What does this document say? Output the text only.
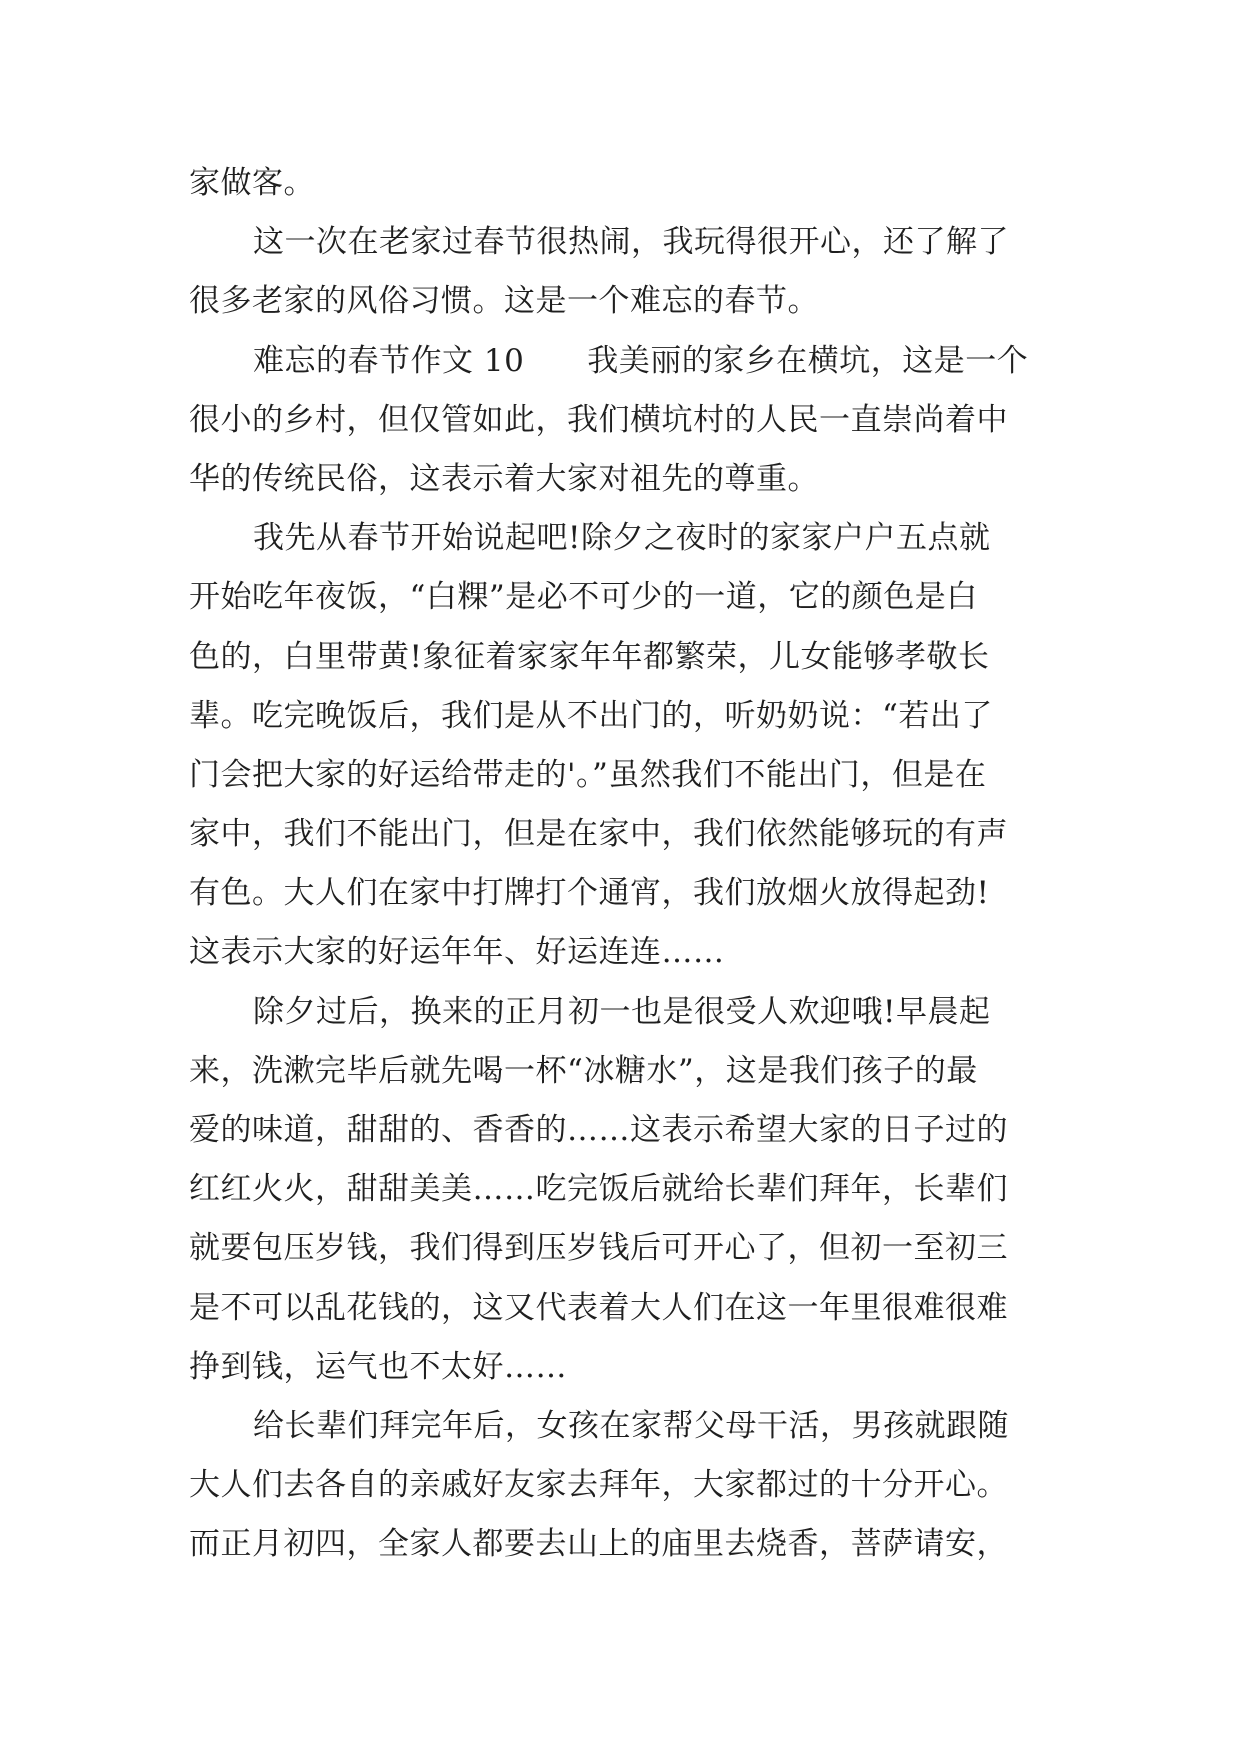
家做客。
这一次在老家过春节很热闹，我玩得很开心，还了解了
很多老家的风俗习惯。这是一个难忘的春节。
难忘的春节作文 10　　我美丽的家乡在横坑，这是一个
很小的乡村，但仅管如此，我们横坑村的人民一直崇尚着中
华的传统民俗，这表示着大家对祖先的尊重。
我先从春节开始说起吧!除夕之夜时的家家户户五点就
开始吃年夜饭，“白粿”是必不可少的一道，它的颜色是白
色的，白里带黄!象征着家家年年都繁荣，儿女能够孝敬长
辈。吃完晚饭后，我们是从不出门的，听奶奶说：“若出了
门会把大家的好运给带走的'。”虽然我们不能出门，但是在
家中，我们不能出门，但是在家中，我们依然能够玩的有声
有色。大人们在家中打牌打个通宵，我们放烟火放得起劲!
这表示大家的好运年年、好运连连……
除夕过后，换来的正月初一也是很受人欢迎哦!早晨起
来，洗漱完毕后就先喝一杯“冰糖水”，这是我们孩子的最
爱的味道，甜甜的、香香的……这表示希望大家的日子过的
红红火火，甜甜美美……吃完饭后就给长辈们拜年，长辈们
就要包压岁钱，我们得到压岁钱后可开心了，但初一至初三
是不可以乱花钱的，这又代表着大人们在这一年里很难很难
挣到钱，运气也不太好……
给长辈们拜完年后，女孩在家帮父母干活，男孩就跟随
大人们去各自的亲戚好友家去拜年，大家都过的十分开心。
而正月初四，全家人都要去山上的庙里去烧香，菩萨请安，
